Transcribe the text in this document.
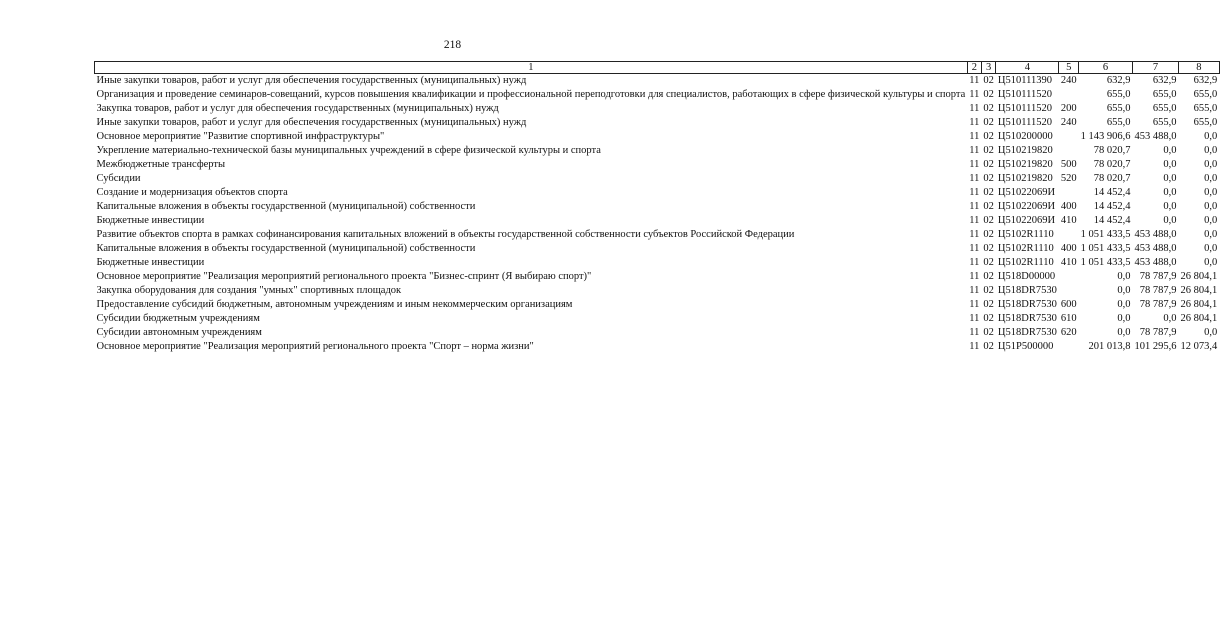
218
1	2	3	4	5	6	7	8
Иные закупки товаров, работ и услуг для обеспечения государственных (муниципальных) нужд	11	02	Ц510111390	240	632,9	632,9	632,9
Организация и проведение семинаров-совещаний, курсов повышения квалификации и профессиональной переподготовки для специалистов, работающих в сфере физической культуры и спорта	11	02	Ц510111520		655,0	655,0	655,0
Закупка товаров, работ и услуг для обеспечения государственных (муниципальных) нужд	11	02	Ц510111520	200	655,0	655,0	655,0
Иные закупки товаров, работ и услуг для обеспечения государственных (муниципальных) нужд	11	02	Ц510111520	240	655,0	655,0	655,0
Основное мероприятие "Развитие спортивной инфраструктуры"	11	02	Ц510200000		1 143 906,6	453 488,0	0,0
Укрепление материально-технической базы муниципальных учреждений в сфере физической культуры и спорта	11	02	Ц510219820		78 020,7	0,0	0,0
Межбюджетные трансферты	11	02	Ц510219820	500	78 020,7	0,0	0,0
Субсидии	11	02	Ц510219820	520	78 020,7	0,0	0,0
Создание и модернизация объектов спорта	11	02	Ц51022069И		14 452,4	0,0	0,0
Капитальные вложения в объекты государственной (муниципальной) собственности	11	02	Ц51022069И	400	14 452,4	0,0	0,0
Бюджетные инвестиции	11	02	Ц51022069И	410	14 452,4	0,0	0,0
Развитие объектов спорта в рамках софинансирования капитальных вложений в объекты государственной собственности субъектов Российской Федерации	11	02	Ц5102R1110		1 051 433,5	453 488,0	0,0
Капитальные вложения в объекты государственной (муниципальной) собственности	11	02	Ц5102R1110	400	1 051 433,5	453 488,0	0,0
Бюджетные инвестиции	11	02	Ц5102R1110	410	1 051 433,5	453 488,0	0,0
Основное мероприятие "Реализация мероприятий регионального проекта "Бизнес-спринт (Я выбираю спорт)"	11	02	Ц518D00000		0,0	78 787,9	26 804,1
Закупка оборудования для создания "умных" спортивных площадок	11	02	Ц518DR7530		0,0	78 787,9	26 804,1
Предоставление субсидий бюджетным, автономным учреждениям и иным некоммерческим организациям	11	02	Ц518DR7530	600	0,0	78 787,9	26 804,1
Субсидии бюджетным учреждениям	11	02	Ц518DR7530	610	0,0	0,0	26 804,1
Субсидии автономным учреждениям	11	02	Ц518DR7530	620	0,0	78 787,9	0,0
Основное мероприятие "Реализация мероприятий регионального проекта "Спорт – норма жизни"	11	02	Ц51P500000		201 013,8	101 295,6	12 073,4
